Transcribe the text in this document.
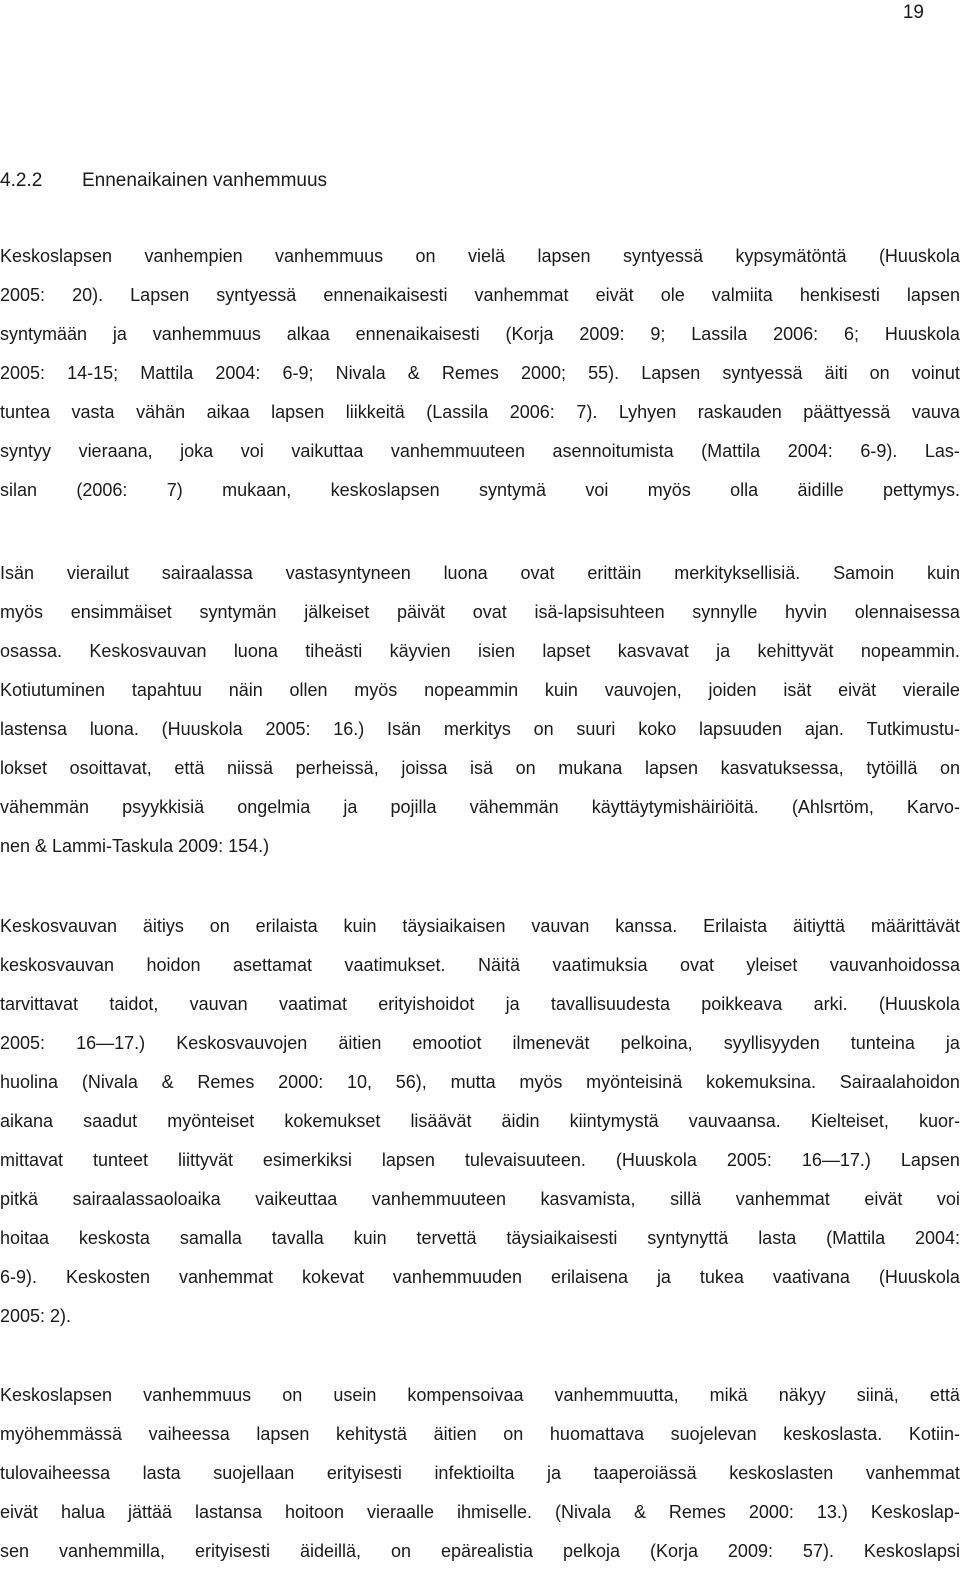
19
4.2.2 Ennenaikainen vanhemmuus
Keskoslapsen vanhempien vanhemmuus on vielä lapsen syntyessä kypsymätöntä (Huuskola
2005: 20). Lapsen syntyessä ennenaikaisesti vanhemmat eivät ole valmiita henkisesti lapsen
syntymään ja vanhemmuus alkaa ennenaikaisesti (Korja 2009: 9; Lassila 2006: 6; Huuskola
2005: 14-15; Mattila 2004: 6-9; Nivala & Remes 2000; 55). Lapsen syntyessä äiti on voinut
tuntea vasta vähän aikaa lapsen liikkeitä (Lassila 2006: 7). Lyhyen raskauden päättyessä vauva
syntyy vieraana, joka voi vaikuttaa vanhemmuuteen asennoitumista (Mattila 2004: 6-9). Las-
silan (2006: 7) mukaan, keskoslapsen syntymä voi myös olla äidille pettymys.
Isän vierailut sairaalassa vastasyntyneen luona ovat erittäin merkityksellisiä. Samoin kuin
myös ensimmäiset syntymän jälkeiset päivät ovat isä-lapsisuhteen synnylle hyvin olennaisessa
osassa. Keskosvauvan luona tiheästi käyvien isien lapset kasvavat ja kehittyvät nopeammin.
Kotiutuminen tapahtuu näin ollen myös nopeammin kuin vauvojen, joiden isät eivät vieraile
lastensa luona. (Huuskola 2005: 16.) Isän merkitys on suuri koko lapsuuden ajan. Tutkimustu-
lokset osoittavat, että niissä perheissä, joissa isä on mukana lapsen kasvatuksessa, tytöillä on
vähemmän psyykkisiä ongelmia ja pojilla vähemmän käyttäytymishäiriöitä. (Ahlsrtöm, Karvo-
nen & Lammi-Taskula 2009: 154.)
Keskosvauvan äitiys on erilaista kuin täysiaikaisen vauvan kanssa. Erilaista äitiyttä määrittävät
keskosvauvan hoidon asettamat vaatimukset. Näitä vaatimuksia ovat yleiset vauvanhoidossa
tarvittavat taidot, vauvan vaatimat erityishoidot ja tavallisuudesta poikkeava arki. (Huuskola
2005: 16—17.) Keskosvauvojen äitien emootiot ilmenevät pelkoina, syyllisyyden tunteina ja
huolina (Nivala & Remes 2000: 10, 56), mutta myös myönteisinä kokemuksina. Sairaalahoidon
aikana saadut myönteiset kokemukset lisäävät äidin kiintymystä vauvaansa. Kielteiset, kuor-
mittavat tunteet liittyvät esimerkiksi lapsen tulevaisuuteen. (Huuskola 2005: 16—17.) Lapsen
pitkä sairaalassaoloaika vaikeuttaa vanhemmuuteen kasvamista, sillä vanhemmat eivät voi
hoitaa keskosta samalla tavalla kuin tervettä täysiaikaisesti syntynyttä lasta (Mattila 2004:
6-9). Keskosten vanhemmat kokevat vanhemmuuden erilaisena ja tukea vaativana (Huuskola
2005: 2).
Keskoslapsen vanhemmuus on usein kompensoivaa vanhemmuutta, mikä näkyy siinä, että
myöhemmässä vaiheessa lapsen kehitystä äitien on huomattava suojelevan keskoslasta. Kotiin-
tulovaiheessa lasta suojellaan erityisesti infektioilta ja taaperoiässä keskoslasten vanhemmat
eivät halua jättää lastansa hoitoon vieraalle ihmiselle. (Nivala & Remes 2000: 13.) Keskoslap-
sen vanhemmilla, erityisesti äideillä, on epärealistia pelkoja (Korja 2009: 57). Keskoslapsi
